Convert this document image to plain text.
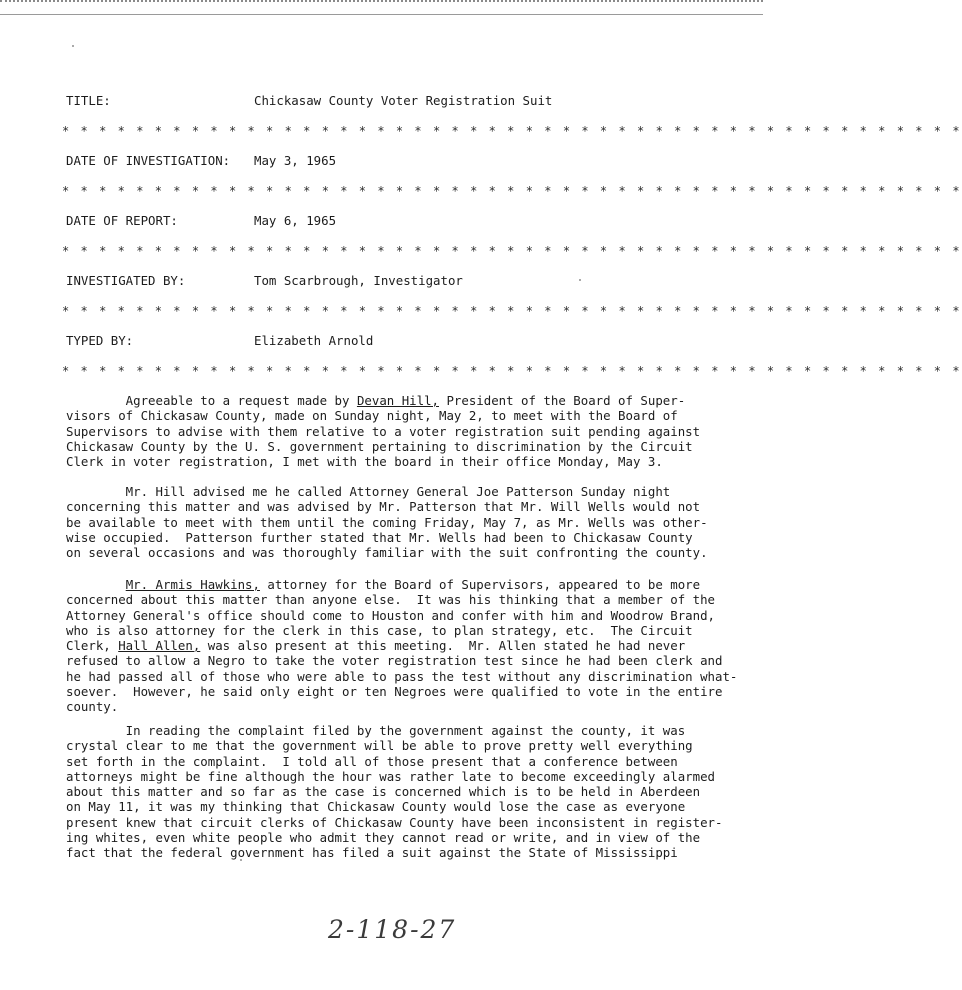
TITLE:	Chickasaw County Voter Registration Suit
* * * * * * * * * * * * * * * * * * * * * * * * * * * * * * * * * * * * * * * * * * * * * * * * *
DATE OF INVESTIGATION: May 3, 1965
* * * * * * * * * * * * * * * * * * * * * * * * * * * * * * * * * * * * * * * * * * * * * * * * *
DATE OF REPORT:	May 6, 1965
* * * * * * * * * * * * * * * * * * * * * * * * * * * * * * * * * * * * * * * * * * * * * * * * *
INVESTIGATED BY:	Tom Scarbrough, Investigator
* * * * * * * * * * * * * * * * * * * * * * * * * * * * * * * * * * * * * * * * * * * * * * * * *
TYPED BY:	Elizabeth Arnold
* * * * * * * * * * * * * * * * * * * * * * * * * * * * * * * * * * * * * * * * * * * * * * * * *
Agreeable to a request made by Devan Hill, President of the Board of Super-
visors of Chickasaw County, made on Sunday night, May 2, to meet with the Board of
Supervisors to advise with them relative to a voter registration suit pending against
Chickasaw County by the U. S. government pertaining to discrimination by the Circuit
Clerk in voter registration, I met with the board in their office Monday, May 3.
Mr. Hill advised me he called Attorney General Joe Patterson Sunday night
concerning this matter and was advised by Mr. Patterson that Mr. Will Wells would not
be available to meet with them until the coming Friday, May 7, as Mr. Wells was other-
wise occupied.  Patterson further stated that Mr. Wells had been to Chickasaw County
on several occasions and was thoroughly familiar with the suit confronting the county.
Mr. Armis Hawkins, attorney for the Board of Supervisors, appeared to be more
concerned about this matter than anyone else.  It was his thinking that a member of the
Attorney General's office should come to Houston and confer with him and Woodrow Brand,
who is also attorney for the clerk in this case, to plan strategy, etc.  The Circuit
Clerk, Hall Allen, was also present at this meeting.  Mr. Allen stated he had never
refused to allow a Negro to take the voter registration test since he had been clerk and
he had passed all of those who were able to pass the test without any discrimination what-
soever.  However, he said only eight or ten Negroes were qualified to vote in the entire
county.
In reading the complaint filed by the government against the county, it was
crystal clear to me that the government will be able to prove pretty well everything
set forth in the complaint.  I told all of those present that a conference between
attorneys might be fine although the hour was rather late to become exceedingly alarmed
about this matter and so far as the case is concerned which is to be held in Aberdeen
on May 11, it was my thinking that Chickasaw County would lose the case as everyone
present knew that circuit clerks of Chickasaw County have been inconsistent in register-
ing whites, even white people who admit they cannot read or write, and in view of the
fact that the federal government has filed a suit against the State of Mississippi
2-118-27
